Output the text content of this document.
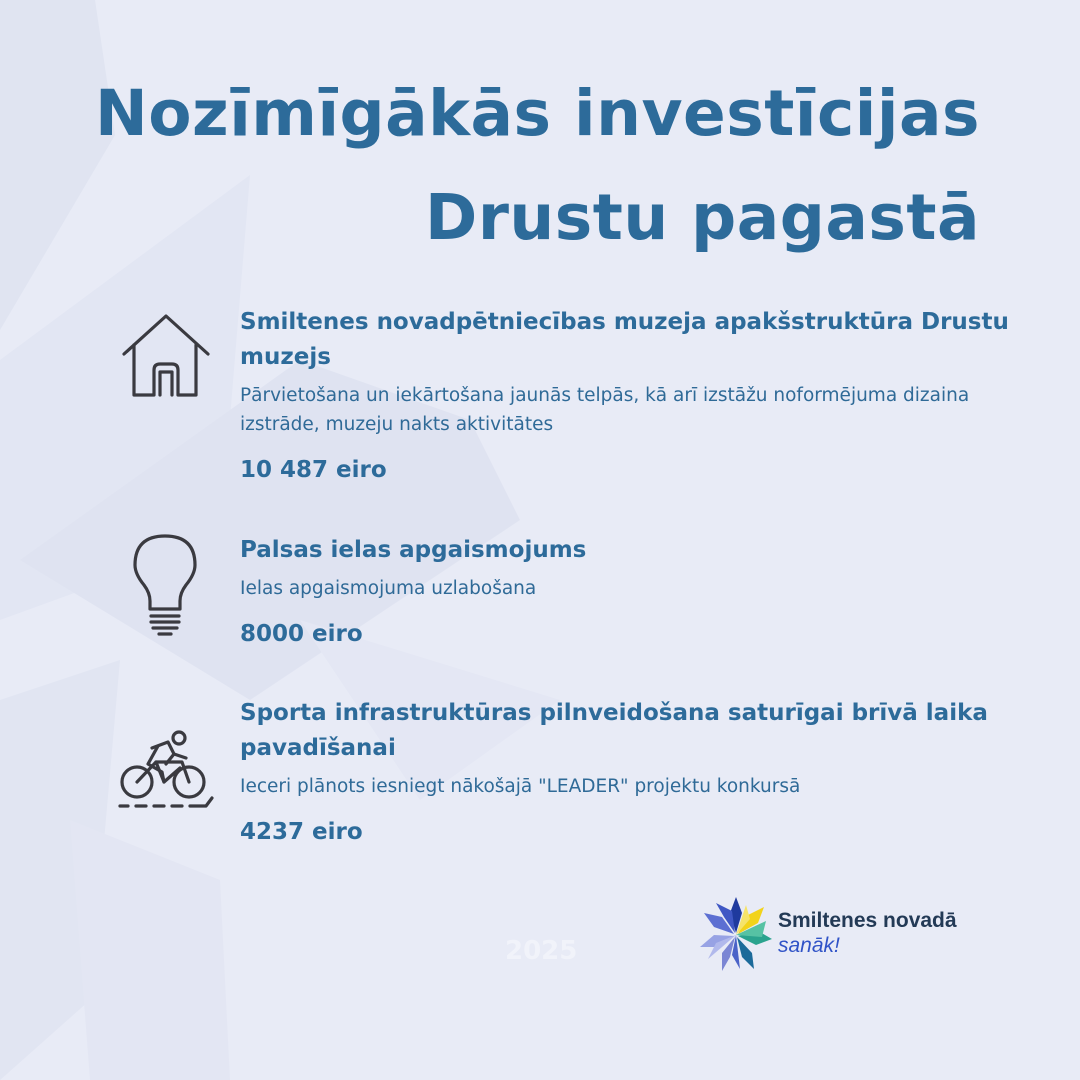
Nozīmīgākās investīcijas
Drustu pagastā
Smiltenes novadpētniecības muzeja apakšstruktūra Drustu muzejs
Pārvietošana un iekārtošana jaunās telpās, kā arī izstāžu noformējuma dizaina izstrāde, muzeju nakts aktivitātes
10 487 eiro
Palsas ielas apgaismojums
Ielas apgaismojuma uzlabošana
8000 eiro
Sporta infrastruktūras pilnveidošana saturīgai brīvā laika pavadīšanai
Ieceri plānots iesniegt nākošajā "LEADER" projektu konkursā
4237 eiro
2025
Smiltenes novadā
sanāk!
